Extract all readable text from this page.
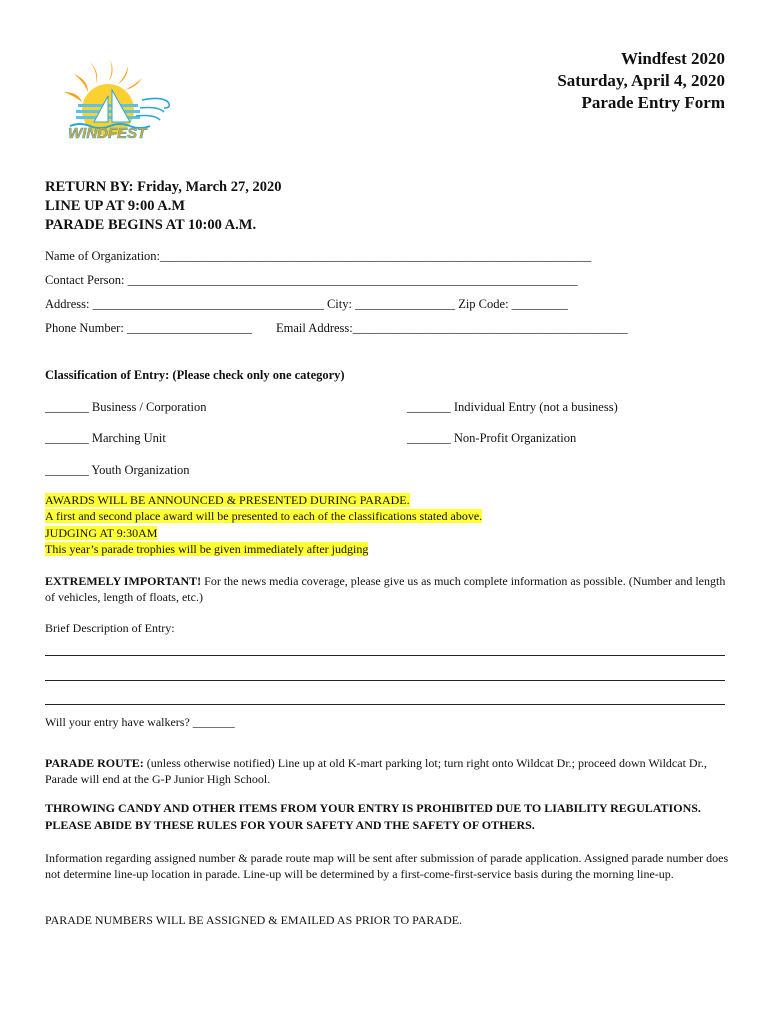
WINDFEST
Windfest 2020
Saturday, April 4, 2020
Parade Entry Form
RETURN BY: Friday, March 27, 2020
LINE UP AT 9:00 A.M
PARADE BEGINS AT 10:00 A.M.
Name of Organization:_____________________________________________________________________
Contact Person: ________________________________________________________________________
Address: _____________________________________ City: ________________ Zip Code: _________
Phone Number: ____________________ Email Address:____________________________________________
Classification of Entry: (Please check only one category)
_______ Business / Corporation	_______ Individual Entry (not a business)
_______ Marching Unit	_______ Non-Profit Organization
_______ Youth Organization
AWARDS WILL BE ANNOUNCED & PRESENTED DURING PARADE.
A first and second place award will be presented to each of the classifications stated above.
JUDGING AT 9:30AM
This year’s parade trophies will be given immediately after judging
EXTREMELY IMPORTANT! For the news media coverage, please give us as much complete information as possible. (Number and length of vehicles, length of floats, etc.)
Brief Description of Entry:
Will your entry have walkers? _______
PARADE ROUTE: (unless otherwise notified) Line up at old K-mart parking lot; turn right onto Wildcat Dr.; proceed down Wildcat Dr., Parade will end at the G-P Junior High School.
THROWING CANDY AND OTHER ITEMS FROM YOUR ENTRY IS PROHIBITED DUE TO LIABILITY REGULATIONS.
PLEASE ABIDE BY THESE RULES FOR YOUR SAFETY AND THE SAFETY OF OTHERS.
Information regarding assigned number & parade route map will be sent after submission of parade application. Assigned parade number does not determine line-up location in parade. Line-up will be determined by a first-come-first-service basis during the morning line-up.
PARADE NUMBERS WILL BE ASSIGNED & EMAILED AS PRIOR TO PARADE.
